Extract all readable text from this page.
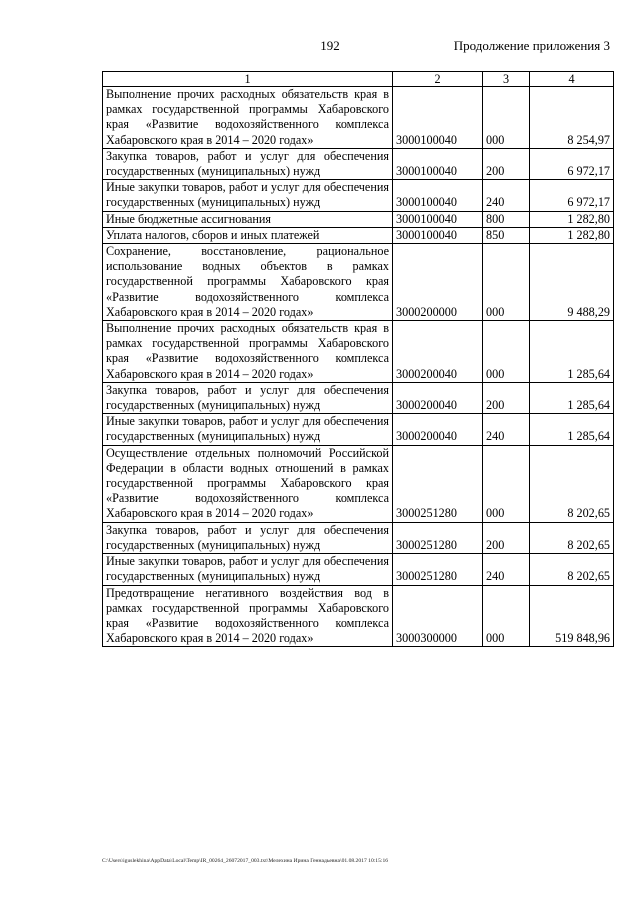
192	Продолжение приложения 3
1	2	3	4
Выполнение прочих расходных обязательств края в рамках государственной программы Хабаровского края «Развитие водохозяйственного комплекса Хабаровского края в 2014 – 2020 годах»	3000100040	000	8 254,97
Закупка товаров, работ и услуг для обеспечения государственных (муниципальных) нужд	3000100040	200	6 972,17
Иные закупки товаров, работ и услуг для обеспечения государственных (муниципальных) нужд	3000100040	240	6 972,17
Иные бюджетные ассигнования	3000100040	800	1 282,80
Уплата налогов, сборов и иных платежей	3000100040	850	1 282,80
Сохранение, восстановление, рациональное использование водных объектов в рамках государственной программы Хабаровского края «Развитие водохозяйственного комплекса Хабаровского края в 2014 – 2020 годах»	3000200000	000	9 488,29
Выполнение прочих расходных обязательств края в рамках государственной программы Хабаровского края «Развитие водохозяйственного комплекса Хабаровского края в 2014 – 2020 годах»	3000200040	000	1 285,64
Закупка товаров, работ и услуг для обеспечения государственных (муниципальных) нужд	3000200040	200	1 285,64
Иные закупки товаров, работ и услуг для обеспечения государственных (муниципальных) нужд	3000200040	240	1 285,64
Осуществление отдельных полномочий Российской Федерации в области водных отношений в рамках государственной программы Хабаровского края «Развитие водохозяйственного комплекса Хабаровского края в 2014 – 2020 годах»	3000251280	000	8 202,65
Закупка товаров, работ и услуг для обеспечения государственных (муниципальных) нужд	3000251280	200	8 202,65
Иные закупки товаров, работ и услуг для обеспечения государственных (муниципальных) нужд	3000251280	240	8 202,65
Предотвращение негативного воздействия вод в рамках государственной программы Хабаровского края «Развитие водохозяйственного комплекса Хабаровского края в 2014 – 2020 годах»	3000300000	000	519 848,96
C:\Users\iguslekhina\AppData\Local\Temp\IR_00264_26072017_003.txt\Мелехина Ирина Геннадьевна\01.08.2017 10:15:16
